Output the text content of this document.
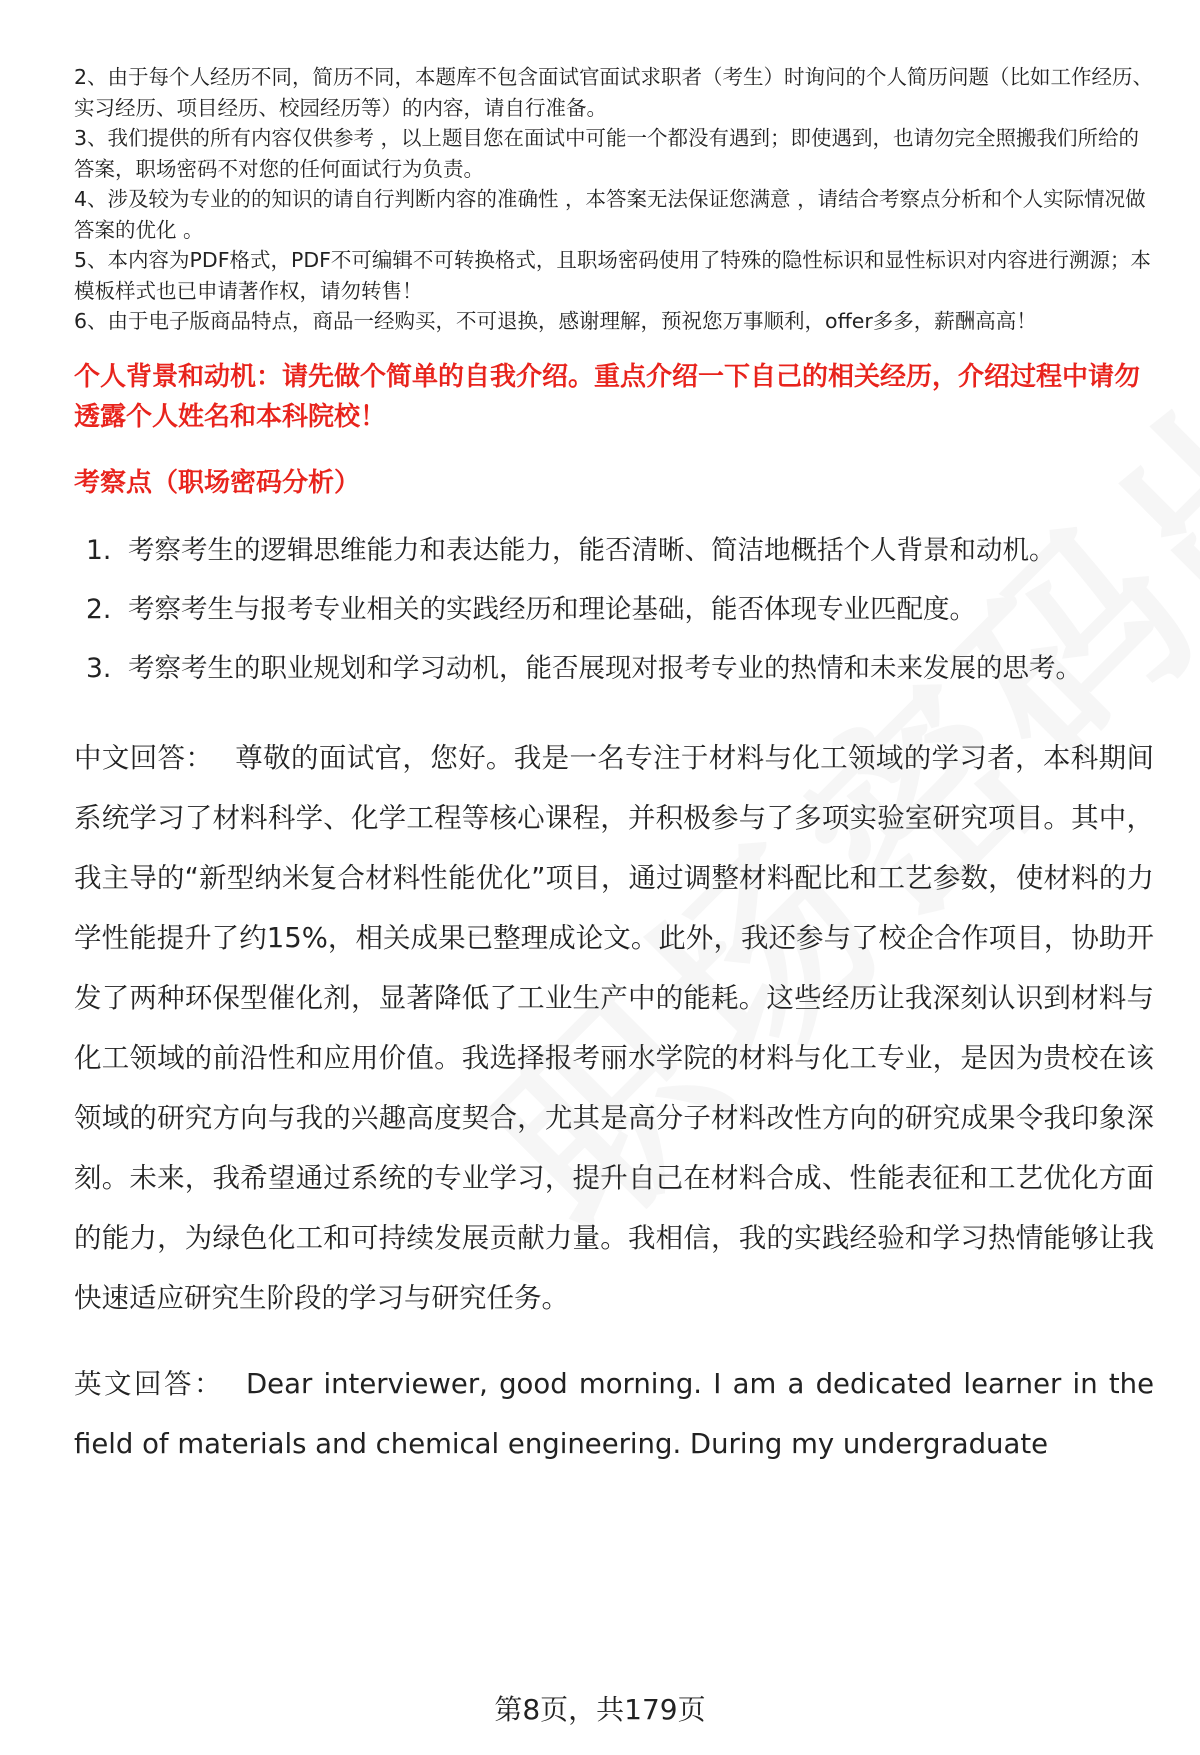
2、由于每个人经历不同，简历不同，本题库不包含面试官面试求职者（考生）时询问的个人简历问题（比如工作经历、实习经历、项目经历、校园经历等）的内容，请自行准备。

3、我们提供的所有内容仅供参考 ，以上题目您在面试中可能一个都没有遇到；即使遇到，也请勿完全照搬我们所给的答案，职场密码不对您的任何面试行为负责。

4、涉及较为专业的的知识的请自行判断内容的准确性 ，本答案无法保证您满意 ，请结合考察点分析和个人实际情况做答案的优化 。

5、本内容为PDF格式，PDF不可编辑不可转换格式，且职场密码使用了特殊的隐性标识和显性标识对内容进行溯源；本模板样式也已申请著作权，请勿转售！

6、由于电子版商品特点，商品一经购买，不可退换，感谢理解，预祝您万事顺利，offer多多，薪酬高高！

个人背景和动机：请先做个简单的自我介绍。重点介绍一下自己的相关经历，介绍过程中请勿透露个人姓名和本科院校！

考察点（职场密码分析）

1. 考察考生的逻辑思维能力和表达能力，能否清晰、简洁地概括个人背景和动机。
2. 考察考生与报考专业相关的实践经历和理论基础，能否体现专业匹配度。
3. 考察考生的职业规划和学习动机，能否展现对报考专业的热情和未来发展的思考。

中文回答： 尊敬的面试官，您好。我是一名专注于材料与化工领域的学习者，本科期间系统学习了材料科学、化学工程等核心课程，并积极参与了多项实验室研究项目。其中，我主导的“新型纳米复合材料性能优化”项目，通过调整材料配比和工艺参数，使材料的力学性能提升了约15%，相关成果已整理成论文。此外，我还参与了校企合作项目，协助开发了两种环保型催化剂，显著降低了工业生产中的能耗。这些经历让我深刻认识到材料与化工领域的前沿性和应用价值。我选择报考丽水学院的材料与化工专业，是因为贵校在该领域的研究方向与我的兴趣高度契合，尤其是高分子材料改性方向的研究成果令我印象深刻。未来，我希望通过系统的专业学习，提升自己在材料合成、性能表征和工艺优化方面的能力，为绿色化工和可持续发展贡献力量。我相信，我的实践经验和学习热情能够让我快速适应研究生阶段的学习与研究任务。

英文回答： Dear interviewer, good morning. I am a dedicated learner in the field of materials and chemical engineering. During my undergraduate

第8页，共179页
